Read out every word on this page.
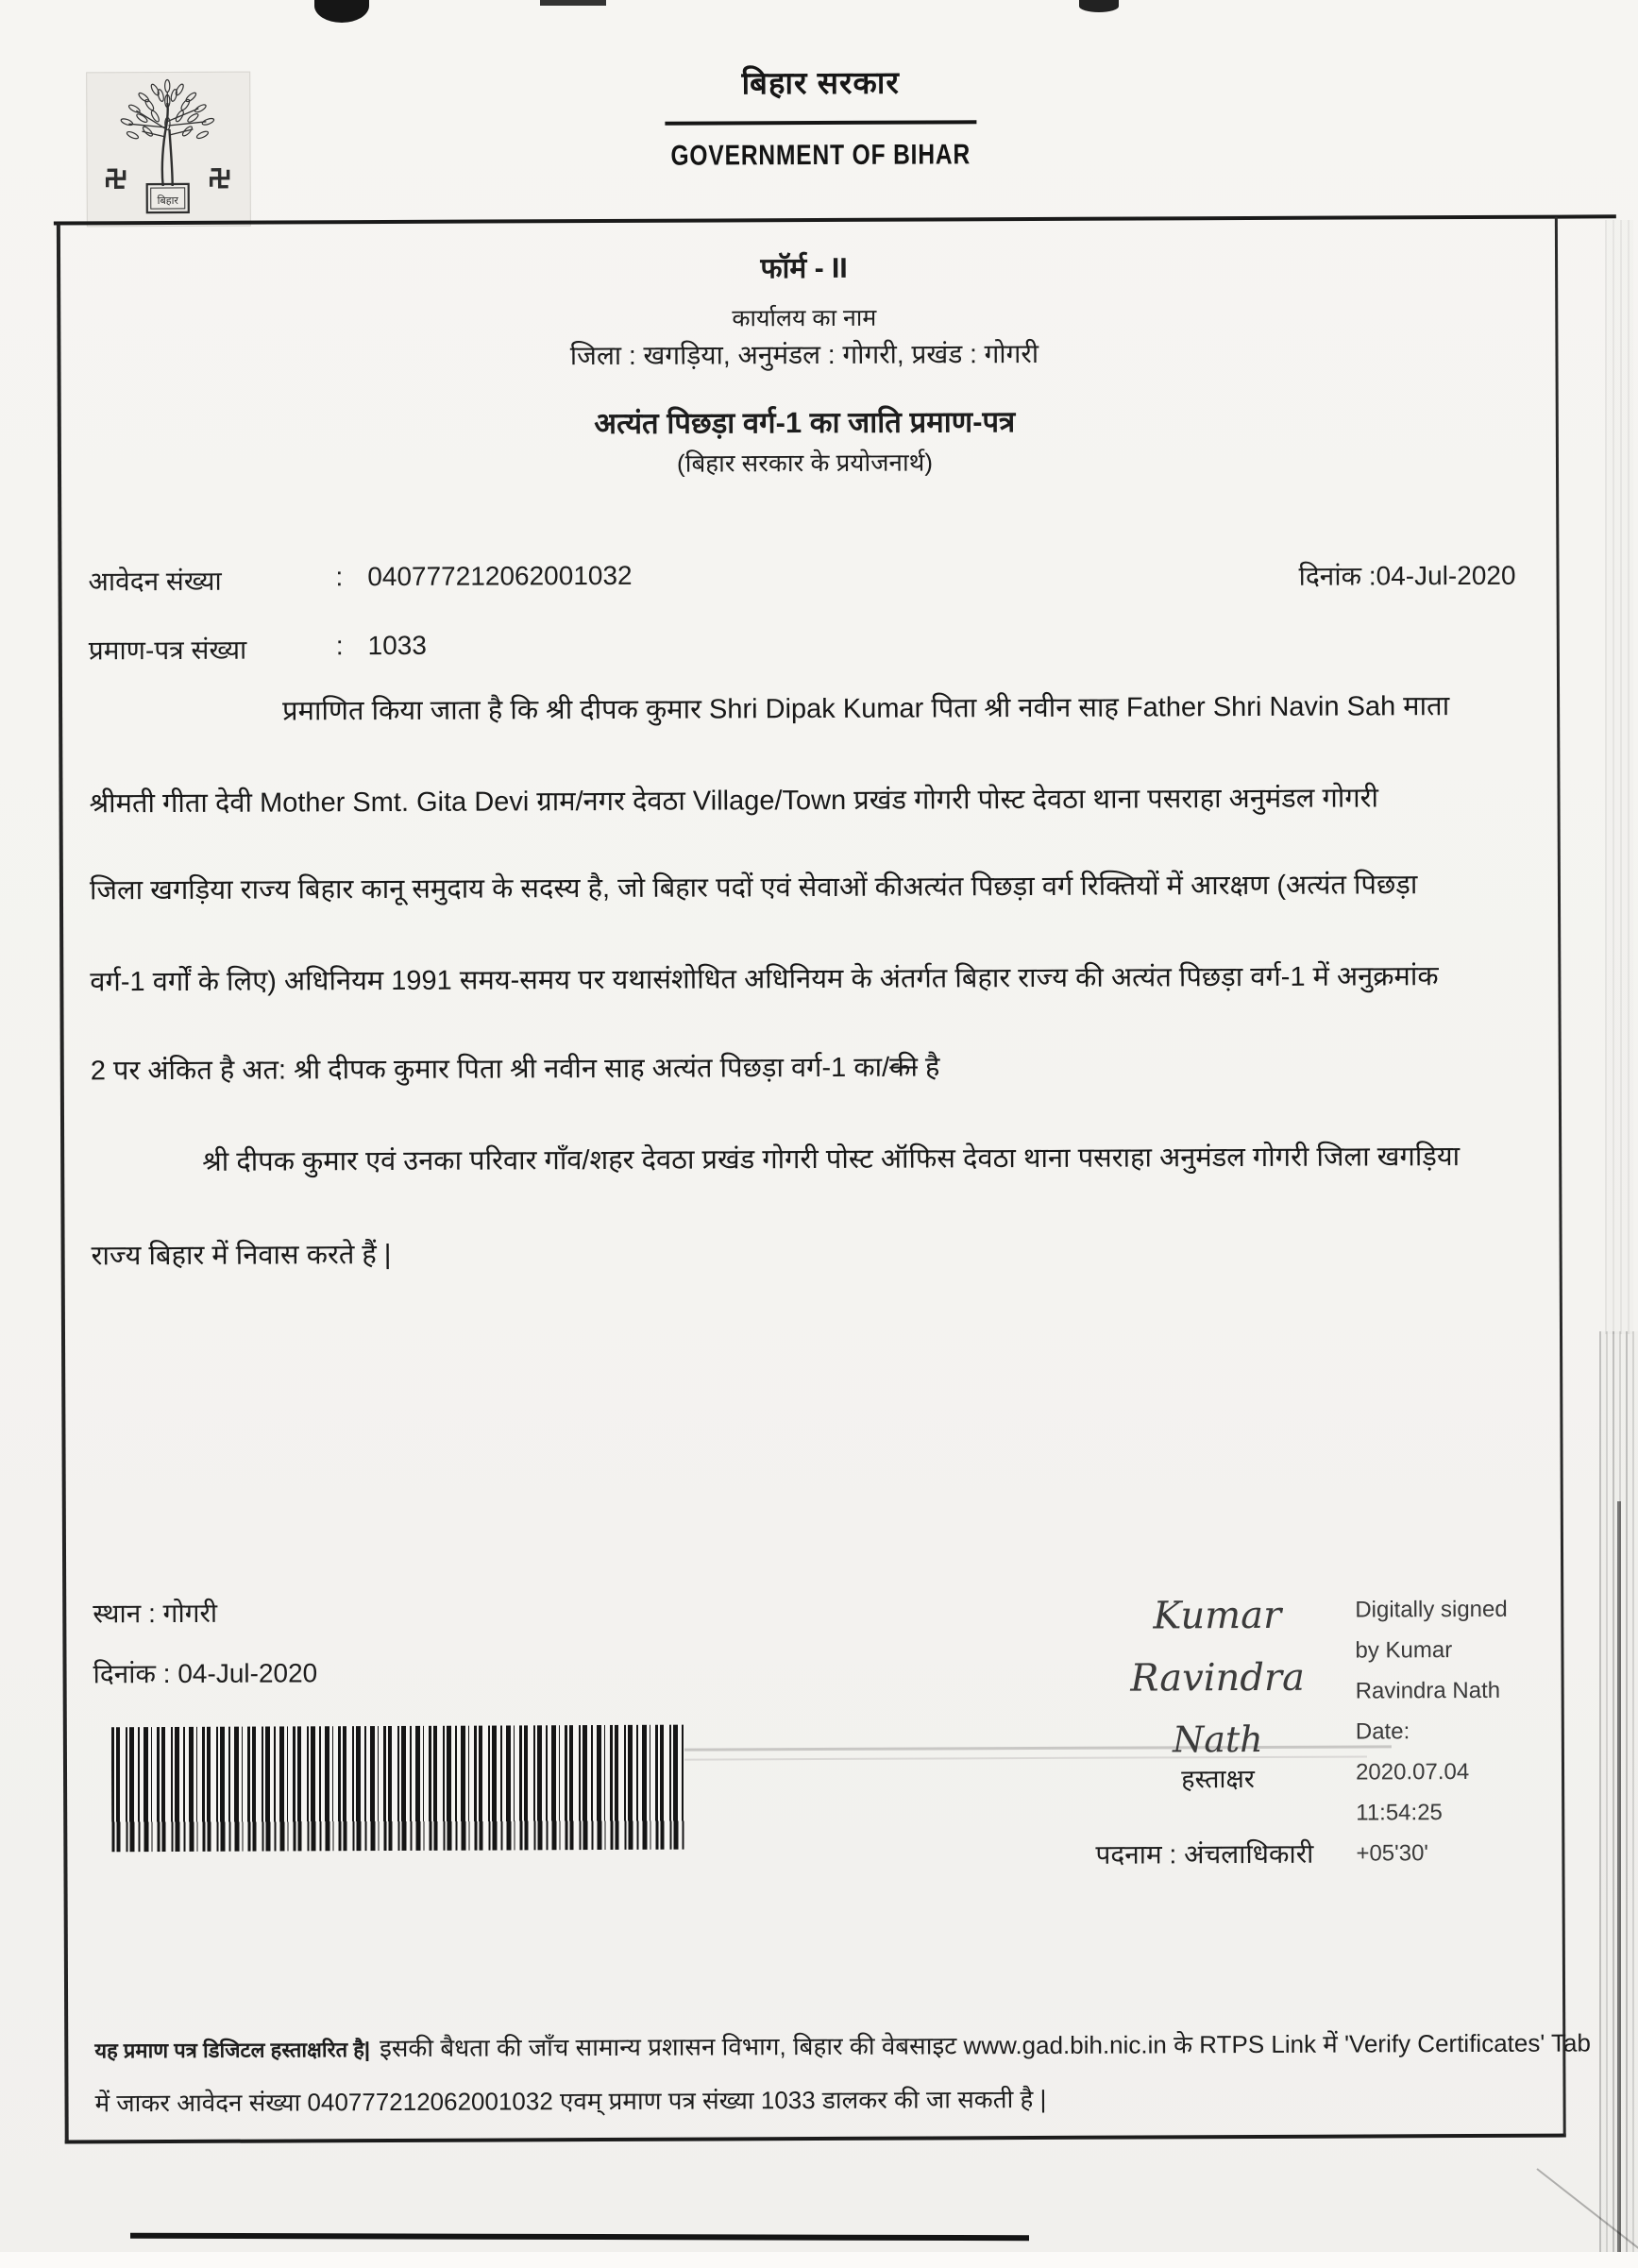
बिहार
बिहार सरकार
GOVERNMENT OF BIHAR
फॉर्म - II
कार्यालय का नाम
जिला : खगड़िया, अनुमंडल : गोगरी, प्रखंड : गोगरी
अत्यंत पिछड़ा वर्ग-1 का जाति प्रमाण-पत्र
(बिहार सरकार के प्रयोजनार्थ)
आवेदन संख्या	: 040777212062001032	दिनांक :04-Jul-2020
प्रमाण-पत्र संख्या	: 1033
प्रमाणित किया जाता है कि श्री दीपक कुमार Shri Dipak Kumar पिता श्री नवीन साह Father Shri Navin Sah माता
श्रीमती गीता देवी Mother Smt. Gita Devi ग्राम/नगर देवठा Village/Town प्रखंड गोगरी पोस्ट देवठा थाना पसराहा अनुमंडल गोगरी
जिला खगड़िया राज्य बिहार कानू समुदाय के सदस्य है, जो बिहार पदों एवं सेवाओं कीअत्यंत पिछड़ा वर्ग रिक्तियों में आरक्षण (अत्यंत पिछड़ा
वर्ग-1 वर्गों के लिए) अधिनियम 1991 समय-समय पर यथासंशोधित अधिनियम के अंतर्गत बिहार राज्य की अत्यंत पिछड़ा वर्ग-1 में अनुक्रमांक
2 पर अंकित है अत: श्री दीपक कुमार पिता श्री नवीन साह अत्यंत पिछड़ा वर्ग-1 का/की है
श्री दीपक कुमार एवं उनका परिवार गाँव/शहर देवठा प्रखंड गोगरी पोस्ट ऑफिस देवठा थाना पसराहा अनुमंडल गोगरी जिला खगड़िया
राज्य बिहार में निवास करते हैं |
स्थान : गोगरी
दिनांक : 04-Jul-2020
Kumar
Ravindra
Nath
हस्ताक्षर
Digitally signed
by Kumar
Ravindra Nath
Date:
2020.07.04
11:54:25
+05'30'
पदनाम : अंचलाधिकारी
यह प्रमाण पत्र डिजिटल हस्ताक्षरित है| इसकी बैधता की जाँच सामान्य प्रशासन विभाग, बिहार की वेबसाइट www.gad.bih.nic.in के RTPS Link में 'Verify Certificates' Tab
में जाकर आवेदन संख्या 040777212062001032 एवम् प्रमाण पत्र संख्या 1033 डालकर की जा सकती है |
